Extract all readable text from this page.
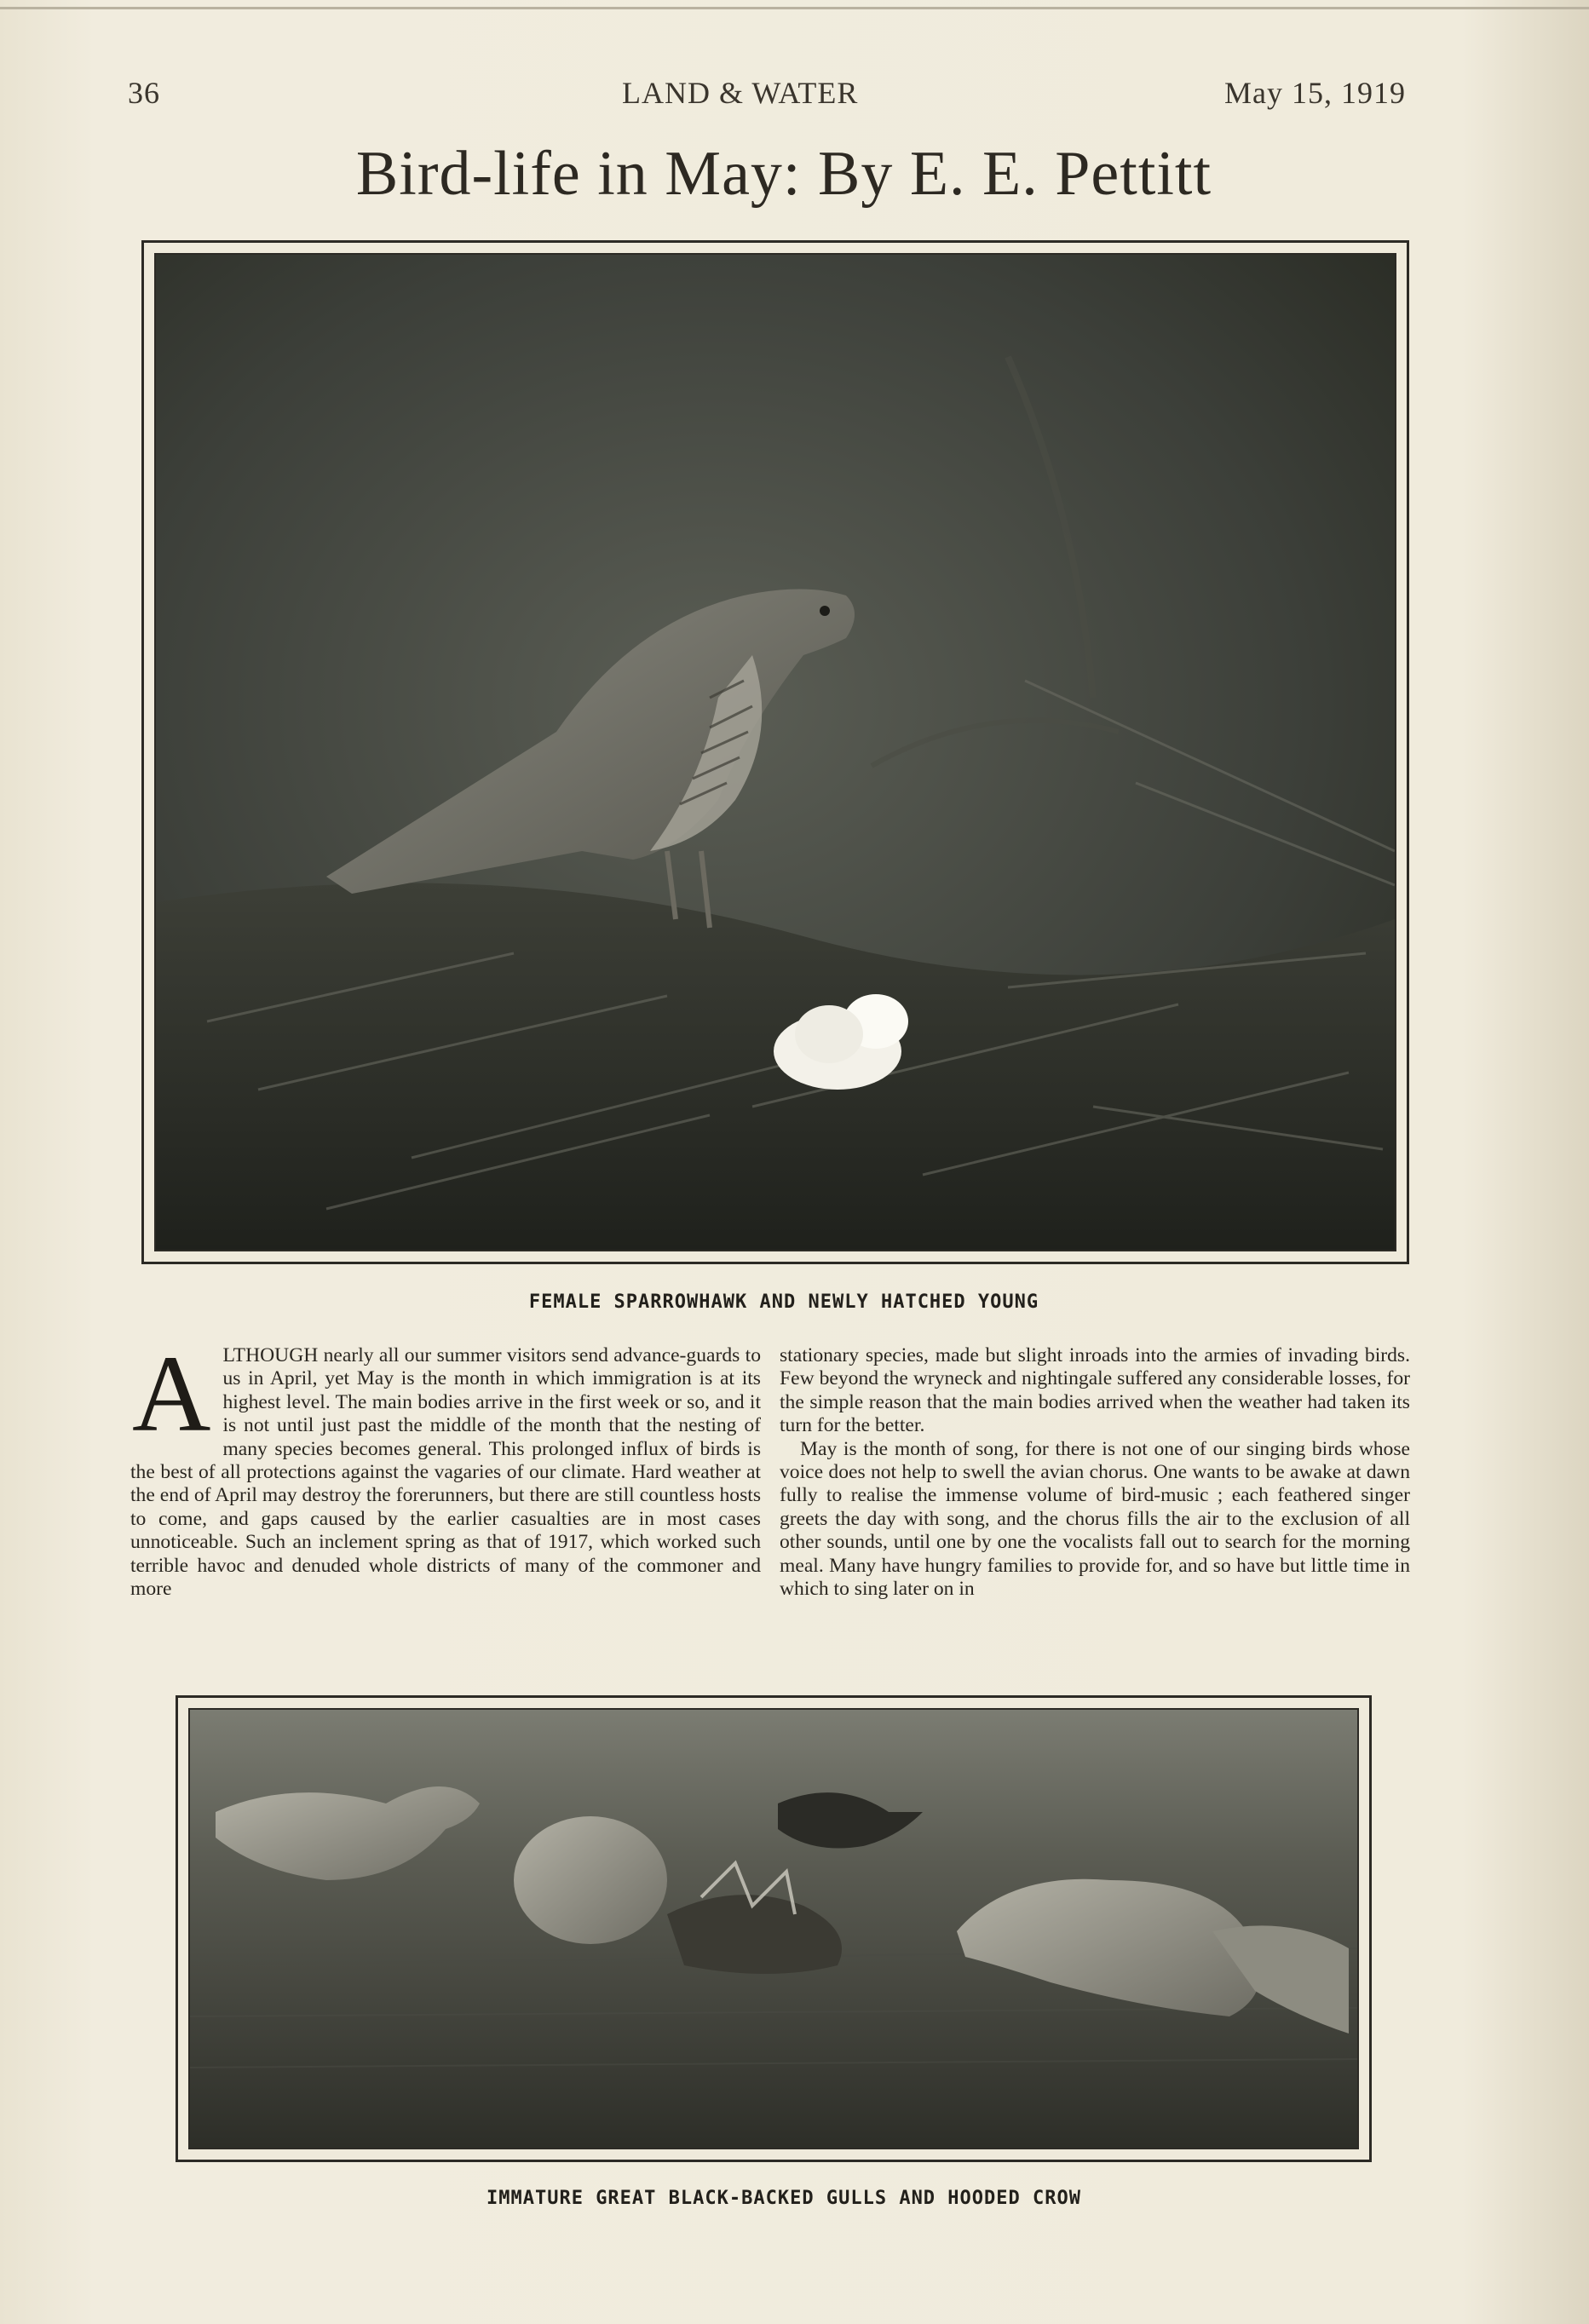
36	LAND & WATER	May 15, 1919
Bird-life in May: By E. E. Pettitt
FEMALE SPARROWHAWK AND NEWLY HATCHED YOUNG
A LTHOUGH nearly all our summer visitors send advance-guards to us in April, yet May is the month in which immigration is at its highest level. The main bodies arrive in the first week or so, and it is not until just past the middle of the month that the nesting of many species becomes general. This prolonged influx of birds is the best of all protections against the vagaries of our climate. Hard weather at the end of April may destroy the forerunners, but there are still countless hosts to come, and gaps caused by the earlier casualties are in most cases unnoticeable. Such an inclement spring as that of 1917, which worked such terrible havoc and denuded whole districts of many of the commoner and more

stationary species, made but slight inroads into the armies of invading birds. Few beyond the wryneck and nightingale suffered any considerable losses, for the simple reason that the main bodies arrived when the weather had taken its turn for the better.

May is the month of song, for there is not one of our singing birds whose voice does not help to swell the avian chorus. One wants to be awake at dawn fully to realise the immense volume of bird-music ; each feathered singer greets the day with song, and the chorus fills the air to the exclusion of all other sounds, until one by one the vocalists fall out to search for the morning meal. Many have hungry families to provide for, and so have but little time in which to sing later on in

IMMATURE GREAT BLACK-BACKED GULLS AND HOODED CROW
